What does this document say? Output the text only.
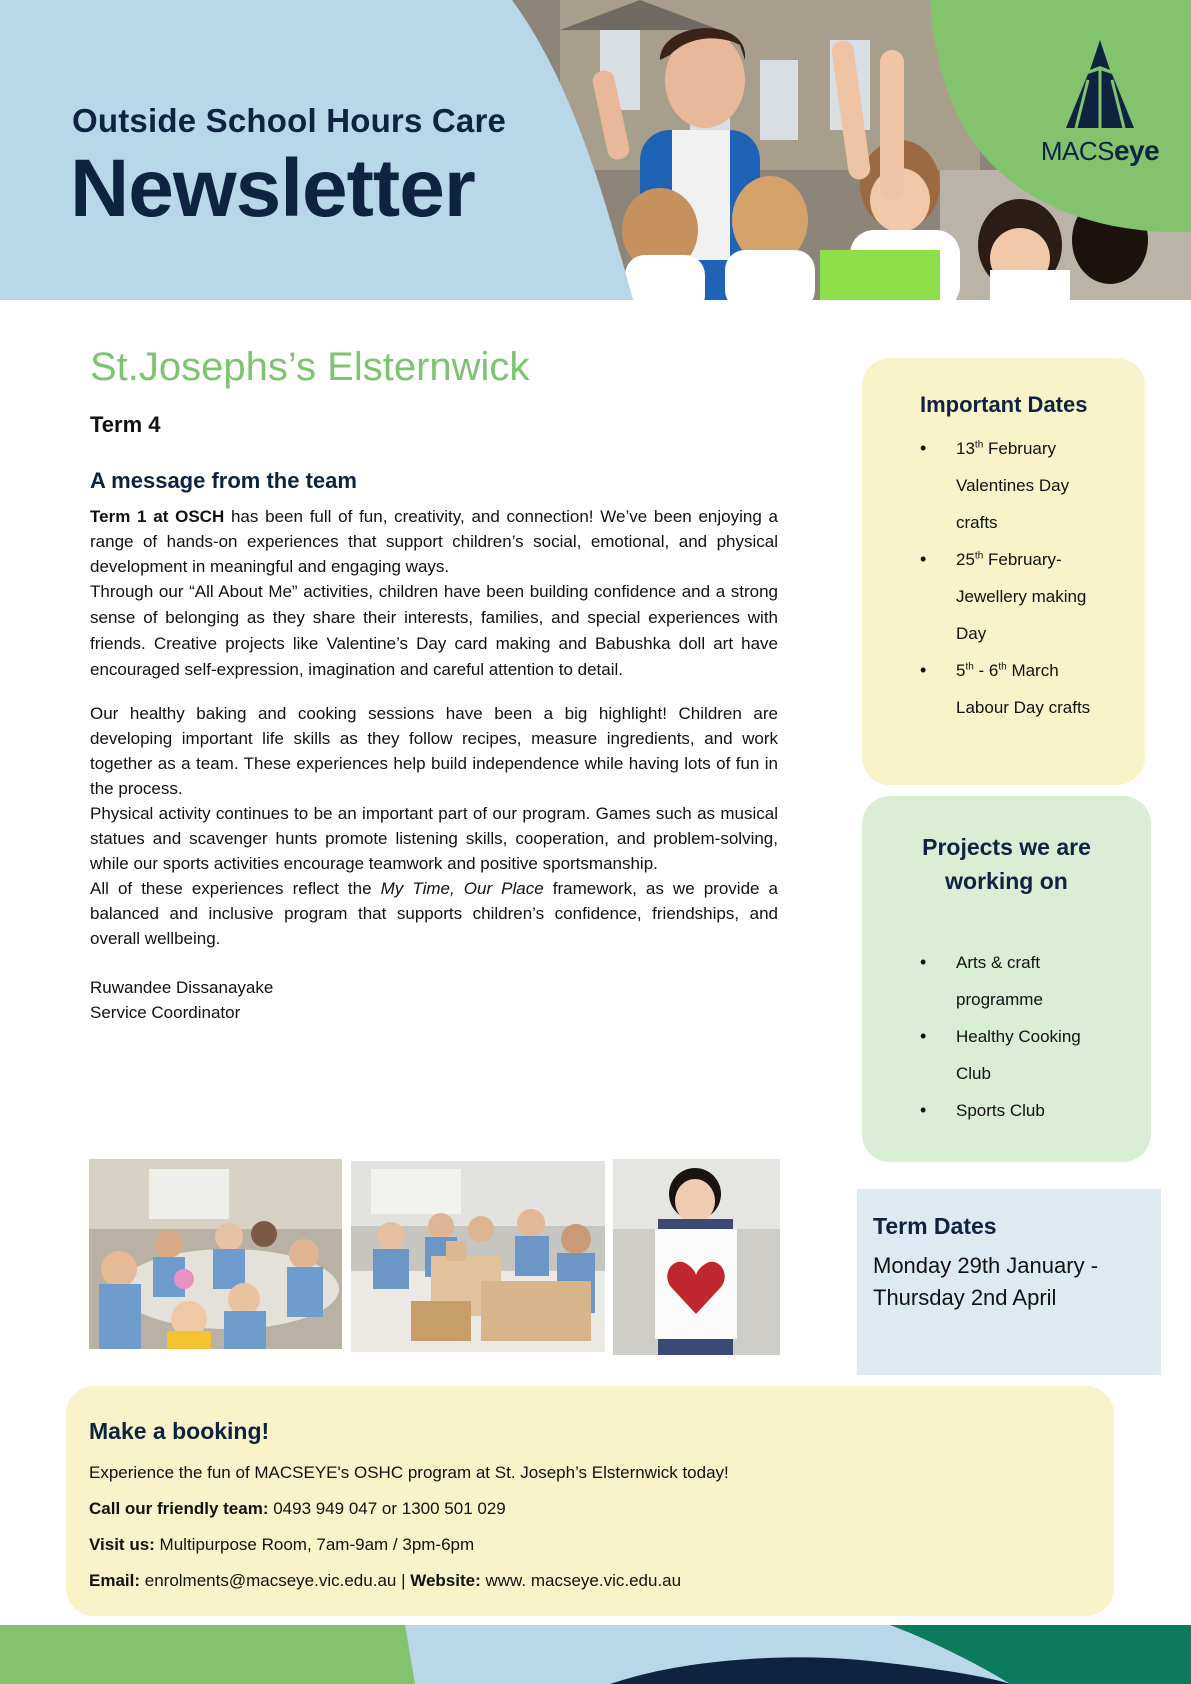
Outside School Hours Care
Newsletter	MACSeye
St.Josephs’s Elsternwick
Term 4
A message from the team

Term 1 at OSCH has been full of fun, creativity, and connection! We’ve been enjoying a range of hands-on experiences that support children’s social, emotional, and physical development in meaningful and engaging ways.

Through our “All About Me” activities, children have been building confidence and a strong sense of belonging as they share their interests, families, and special experiences with friends. Creative projects like Valentine’s Day card making and Babushka doll art have encouraged self-expression, imagination and careful attention to detail.

Our healthy baking and cooking sessions have been a big highlight! Children are developing important life skills as they follow recipes, measure ingredients, and work together as a team. These experiences help build independence while having lots of fun in the process.

Physical activity continues to be an important part of our program. Games such as musical statues and scavenger hunts promote listening skills, cooperation, and problem-solving, while our sports activities encourage teamwork and positive sportsmanship.

All of these experiences reflect the My Time, Our Place framework, as we provide a balanced and inclusive program that supports children’s confidence, friendships, and overall wellbeing.

Ruwandee Dissanayake
Service Coordinator
Important Dates
• 13th February
Valentines Day
crafts
• 25th February-
Jewellery making
Day
• 5th - 6th March
Labour Day crafts
Projects we are
working on
• Arts & craft
programme
• Healthy Cooking
Club
• Sports Club
Term Dates
Monday 29th January -
Thursday 2nd April
Make a booking!
Experience the fun of MACSEYE's OSHC program at St. Joseph’s Elsternwick today!
Call our friendly team: 0493 949 047 or 1300 501 029
Visit us: Multipurpose Room, 7am-9am / 3pm-6pm
Email: enrolments@macseye.vic.edu.au | Website: www. macseye.vic.edu.au
